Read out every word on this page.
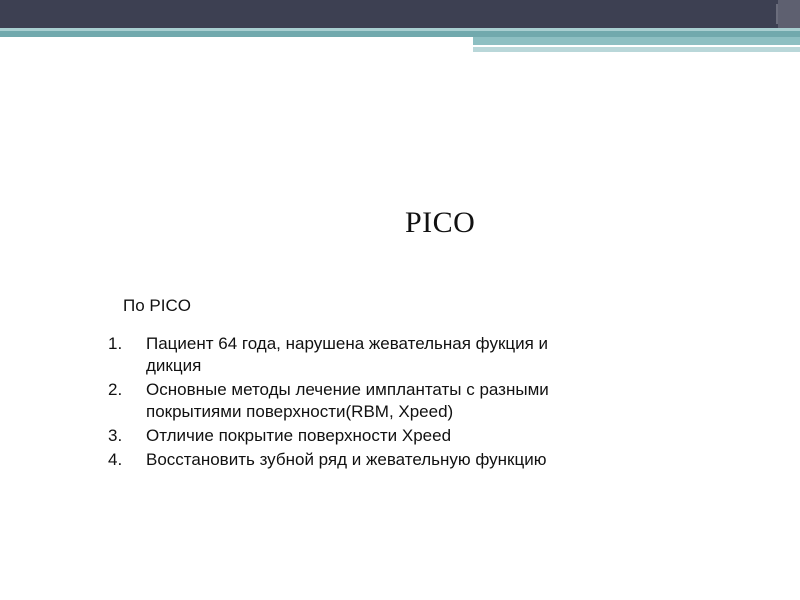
PICO
По PICO
1. Пациент 64 года, нарушена жевательная фукция и дикция
2. Основные методы лечение имплантаты с разными покрытиями поверхности(RBM, Xpeed)
3. Отличие покрытие поверхности Xpeed
4. Восстановить зубной ряд и жевательную функцию
